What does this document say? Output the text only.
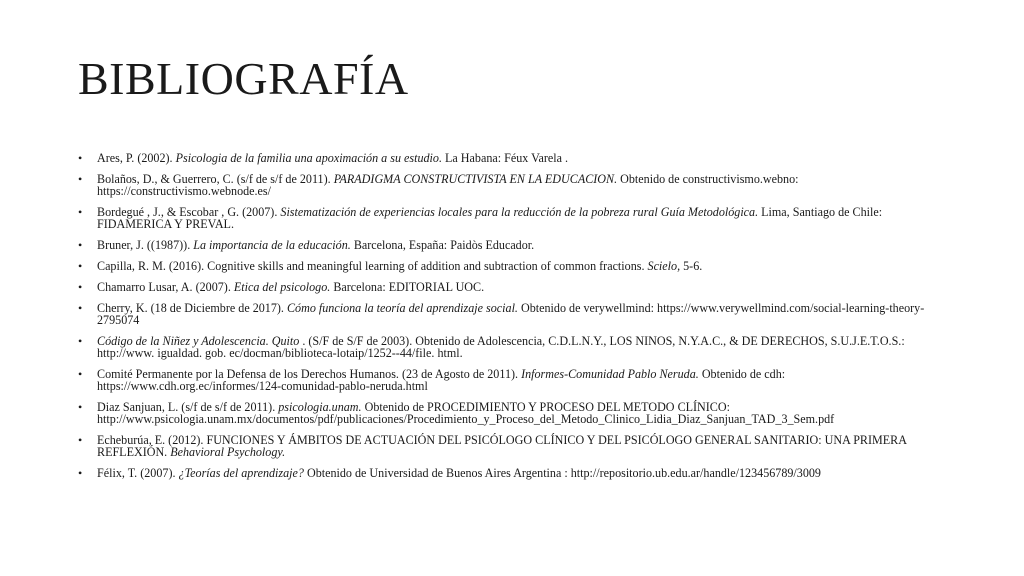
BIBLIOGRAFÍA
• Ares, P. (2002). Psicologia de la familia una apoximación a su estudio. La Habana: Féux Varela .
• Bolaños, D., & Guerrero, C. (s/f de s/f de 2011). PARADIGMA CONSTRUCTIVISTA EN LA EDUCACION. Obtenido de constructivismo.webno: https://constructivismo.webnode.es/
• Bordegué , J., & Escobar , G. (2007). Sistematización de experiencias locales para la reducción de la pobreza rural Guía Metodológica. Lima, Santiago de Chile: FIDAMERICA Y PREVAL.
• Bruner, J. ((1987)). La importancia de la educación. Barcelona, España: Paidòs Educador.
• Capilla, R. M. (2016). Cognitive skills and meaningful learning of addition and subtraction of common fractions. Scielo, 5-6.
• Chamarro Lusar, A. (2007). Etica del psicologo. Barcelona: EDITORIAL UOC.
• Cherry, K. (18 de Diciembre de 2017). Cómo funciona la teoría del aprendizaje social. Obtenido de verywellmind: https://www.verywellmind.com/social-learning-theory-2795074
• Código de la Niñez y Adolescencia. Quito . (S/F de S/F de 2003). Obtenido de Adolescencia, C.D.L.N.Y., LOS NINOS, N.Y.A.C., & DE DERECHOS, S.U.J.E.T.O.S.: http://www. igualdad. gob. ec/docman/biblioteca-lotaip/1252--44/file. html.
• Comité Permanente por la Defensa de los Derechos Humanos. (23 de Agosto de 2011). Informes-Comunidad Pablo Neruda. Obtenido de cdh: https://www.cdh.org.ec/informes/124-comunidad-pablo-neruda.html
• Diaz Sanjuan, L. (s/f de s/f de 2011). psicologia.unam. Obtenido de PROCEDIMIENTO Y PROCESO DEL METODO CLÍNICO: http://www.psicologia.unam.mx/documentos/pdf/publicaciones/Procedimiento_y_Proceso_del_Metodo_Clinico_Lidia_Diaz_Sanjuan_TAD_3_Sem.pdf
• Echeburúa, E. (2012). FUNCIONES Y ÁMBITOS DE ACTUACIÓN DEL PSICÓLOGO CLÍNICO Y DEL PSICÓLOGO GENERAL SANITARIO: UNA PRIMERA REFLEXIÓN. Behavioral Psychology.
• Félix, T. (2007). ¿Teorías del aprendizaje? Obtenido de Universidad de Buenos Aires Argentina : http://repositorio.ub.edu.ar/handle/123456789/3009
